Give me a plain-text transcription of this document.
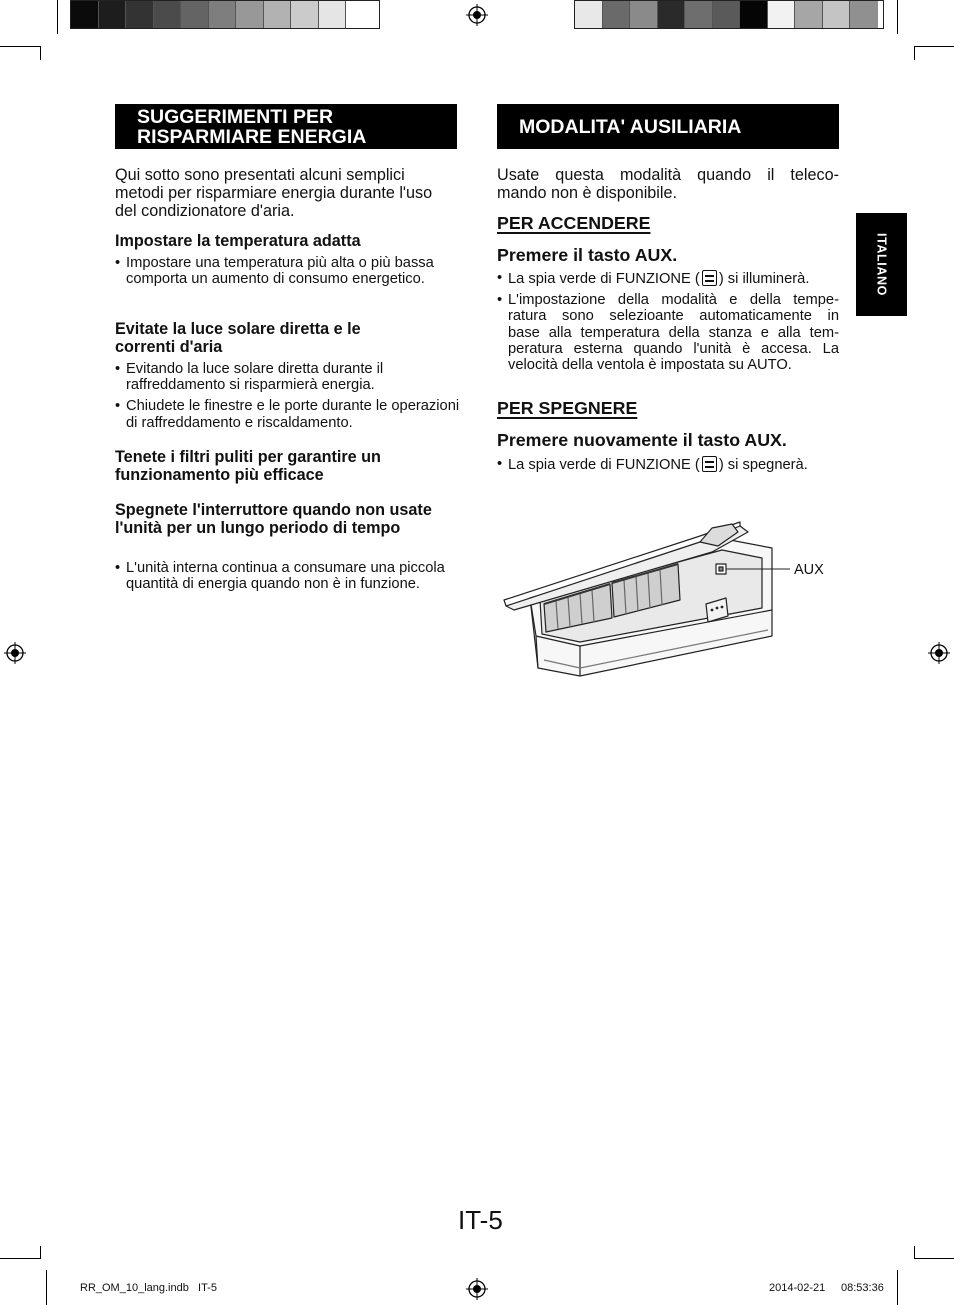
SUGGERIMENTI PER
RISPARMIARE ENERGIA
Qui sotto sono presentati alcuni semplici metodi per risparmiare energia durante l'uso del condizionatore d'aria.
Impostare la temperatura adatta
• Impostare una temperatura più alta o più bassa comporta un aumento di consumo energetico.
Evitate la luce solare diretta e le correnti d'aria
• Evitando la luce solare diretta durante il raffreddamento si risparmierà energia.
• Chiudete le finestre e le porte durante le operazioni di raffreddamento e riscaldamento.
Tenete i filtri puliti per garantire un funzionamento più efficace
Spegnete l'interruttore quando non usate l'unità per un lungo periodo di tempo
• L'unità interna continua a consumare una piccola quantità di energia quando non è in funzione.
MODALITA' AUSILIARIA
Usate questa modalità quando il teleco-
mando non è disponibile.
PER ACCENDERE
Premere il tasto AUX.
• La spia verde di FUNZIONE ( ) si illuminerà.
• L'impostazione della modalità e della tempe-
ratura sono selezioante automaticamente in
base alla temperatura della stanza e alla tem-
peratura esterna quando l'unità è accesa. La
velocità della ventola è impostata su AUTO.
PER SPEGNERE
Premere nuovamente il tasto AUX.
• La spia verde di FUNZIONE ( ) si spegnerà.
AUX
ITALIANO
IT-5
RR_OM_10_lang.indb   IT-5	2014-02-21 08:53:36
